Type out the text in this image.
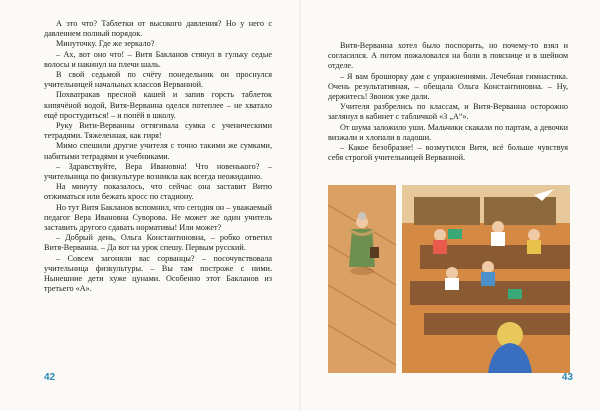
А это что? Таблетки от высокого давления? Но у него с давлением полный порядок.

Минуточку. Где же зеркало?

– Ах, вот оно что! – Витя Бакланов стянул в гульку седые волосы и накинул на плечи шаль.

В свой седьмой по счёту понедельник он проснулся учительницей начальных классов Верванной.

Похватракав пресной кашей и запив горсть таблеток кипячёной водой, Витя-Верванна оделся потеплее – не хватало ещё простудиться! – и попёй в школу.

Руку Вити-Верванны оттягивала сумка с ученическими тетрадями. Тяжеленная, как гиря!

Мимо спешили другие учителя с точно такими же сумками, набитыми тетрадями и учебниками.

– Здравствуйте, Вера Ивановна! Что новенького? – учительница по физкультуре возникла как всегда неожиданно.

На минуту показалось, что сейчас она заставит Витю отжиматься или бежать кросс по стадиону.

Но тут Витя Бакланов вспомнил, что сегодня он – уважаемый педагог Вера Ивановна Суворова. Не может же один учитель заставить другого сдавать нормативы! Или может?

– Добрый день, Ольга Константиновна, – робко ответил Витя-Верванна. – Да вот на урок спешу. Первым русский.

– Совсем загоняли вас сорванцы? – посочувствовала учительница физкультуры. – Вы там построже с ними. Нынешние дети хуже цунами. Особенно этот Бакланов из третьего «А».

42

Витя-Верванна хотел было поспорить, но почему-то взял и согласился. А потом пожаловался на боли в пояснице и в шейном отделе.

– Я вам брошюрку дам с упражнениями. Лечебная гимнастика. Очень результативная, – обещала Ольга Константиновна. – Ну, держитесь! Звонок уже дали.

Учителя разбрелись по классам, и Витя-Верванна осторожно заглянул в кабинет с табличкой «3 „А“».

От шума заложило уши. Мальчики скакали по партам, а девочки визжали и хлопали в ладоши.

– Какое безобразие! – возмутился Витя, всё больше чувствуя себя строгой учительницей Верванной.

43
